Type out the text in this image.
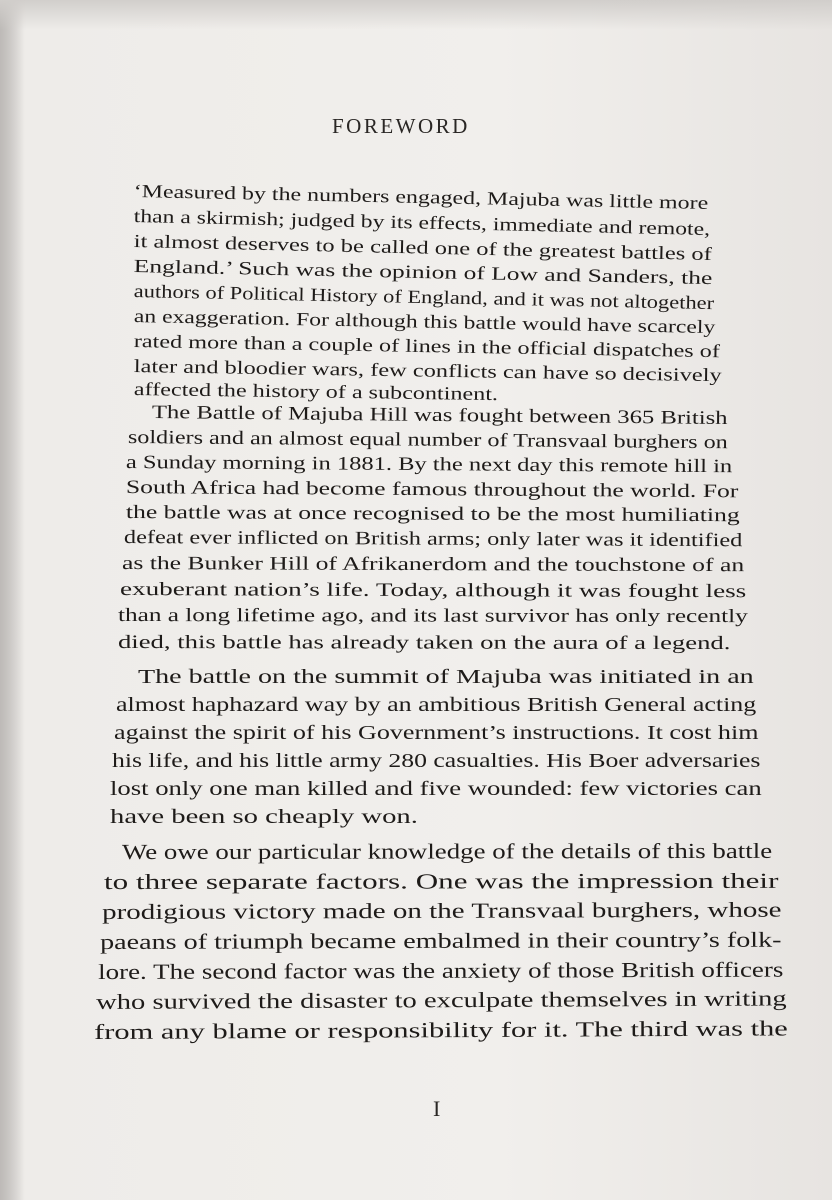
FOREWORD
‘Measured by the numbers engaged, Majuba was little more
than a skirmish; judged by its effects, immediate and remote,
it almost deserves to be called one of the greatest battles of
England.’ Such was the opinion of Low and Sanders, the
authors of Political History of England, and it was not altogether
an exaggeration. For although this battle would have scarcely
rated more than a couple of lines in the official dispatches of
later and bloodier wars, few conflicts can have so decisively
affected the history of a subcontinent.
The Battle of Majuba Hill was fought between 365 British
soldiers and an almost equal number of Transvaal burghers on
a Sunday morning in 1881. By the next day this remote hill in
South Africa had become famous throughout the world. For
the battle was at once recognised to be the most humiliating
defeat ever inflicted on British arms; only later was it identified
as the Bunker Hill of Afrikanerdom and the touchstone of an
exuberant nation’s life. Today, although it was fought less
than a long lifetime ago, and its last survivor has only recently
died, this battle has already taken on the aura of a legend.
The battle on the summit of Majuba was initiated in an
almost haphazard way by an ambitious British General acting
against the spirit of his Government’s instructions. It cost him
his life, and his little army 280 casualties. His Boer adversaries
lost only one man killed and five wounded: few victories can
have been so cheaply won.
We owe our particular knowledge of the details of this battle
to three separate factors. One was the impression their
prodigious victory made on the Transvaal burghers, whose
paeans of triumph became embalmed in their country’s folk-
lore. The second factor was the anxiety of those British officers
who survived the disaster to exculpate themselves in writing
from any blame or responsibility for it. The third was the
I
